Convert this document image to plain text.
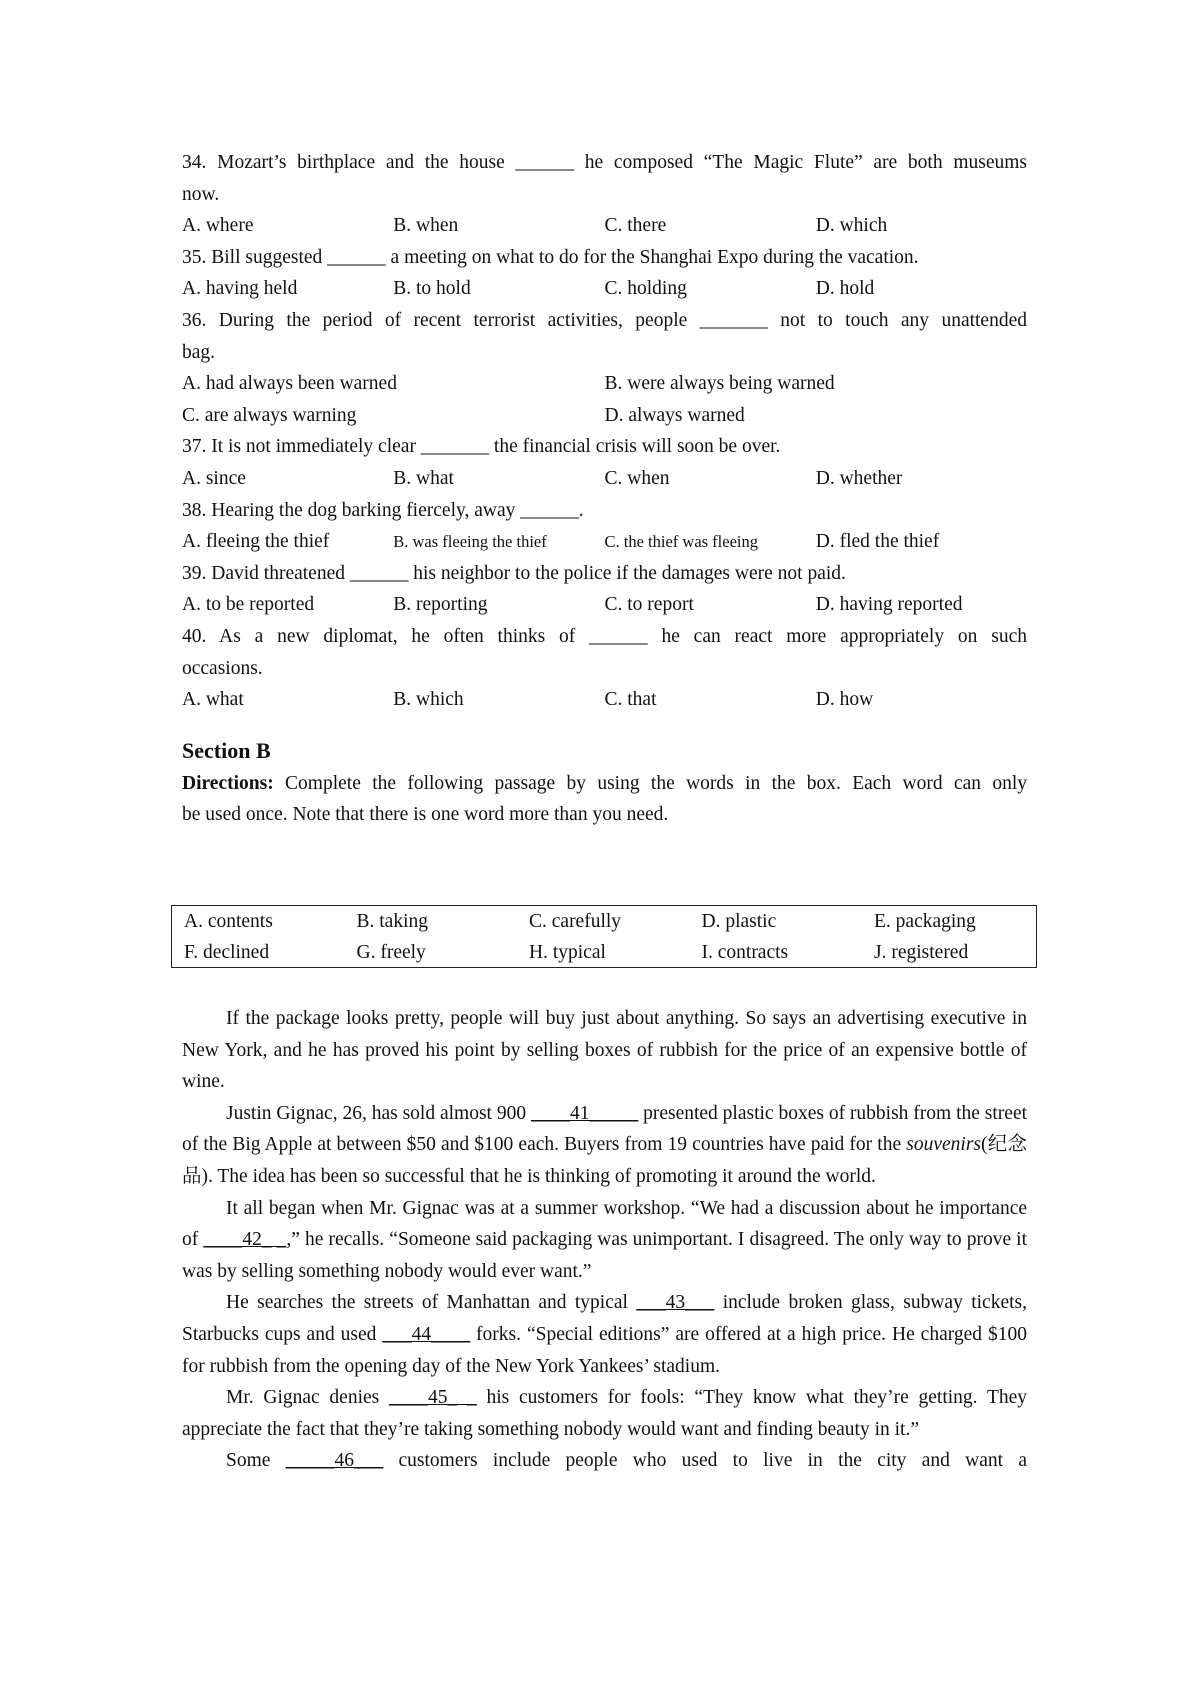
34. Mozart’s birthplace and the house ______ he composed “The Magic Flute” are both museums
now.
A. where	B. when	C. there	D. which
35. Bill suggested ______ a meeting on what to do for the Shanghai Expo during the vacation.
A. having held	B. to hold	C. holding	D. hold
36. During the period of recent terrorist activities, people _______ not to touch any unattended
bag.
A. had always been warned	B. were always being warned
C. are always warning	D. always warned
37. It is not immediately clear _______ the financial crisis will soon be over.
A. since	B. what	C. when	D. whether
38. Hearing the dog barking fiercely, away ______.
A. fleeing the thief	B. was fleeing the thief	C. the thief was fleeing	D. fled the thief
39. David threatened ______ his neighbor to the police if the damages were not paid.
A. to be reported	B. reporting	C. to report	D. having reported
40. As a new diplomat, he often thinks of ______ he can react more appropriately on such
occasions.
A. what	B. which	C. that	D. how
Section B
Directions: Complete the following passage by using the words in the box. Each word can only
be used once. Note that there is one word more than you need.
A. contents	B. taking	C. carefully	D. plastic	E. packaging
F. declined	G. freely	H. typical	I. contracts	J. registered

If the package looks pretty, people will buy just about anything. So says an advertising executive in New York, and he has proved his point by selling boxes of rubbish for the price of an expensive bottle of wine.

Justin Gignac, 26, has sold almost 900 ____41_____ presented plastic boxes of rubbish from the street of the Big Apple at between $50 and $100 each. Buyers from 19 countries have paid for the souvenirs(纪念品). The idea has been so successful that he is thinking of promoting it around the world.

It all began when Mr. Gignac was at a summer workshop. “We had a discussion about he importance of ____42_ _,” he recalls. “Someone said packaging was unimportant. I disagreed. The only way to prove it was by selling something nobody would ever want.”

He searches the streets of Manhattan and typical ___43___ include broken glass, subway tickets, Starbucks cups and used ___44____ forks. “Special editions” are offered at a high price. He charged $100 for rubbish from the opening day of the New York Yankees’ stadium.

Mr. Gignac denies ____45_ _ his customers for fools: “They know what they’re getting. They appreciate the fact that they’re taking something nobody would want and finding beauty in it.”

Some _____46___ customers include people who used to live in the city and want a
